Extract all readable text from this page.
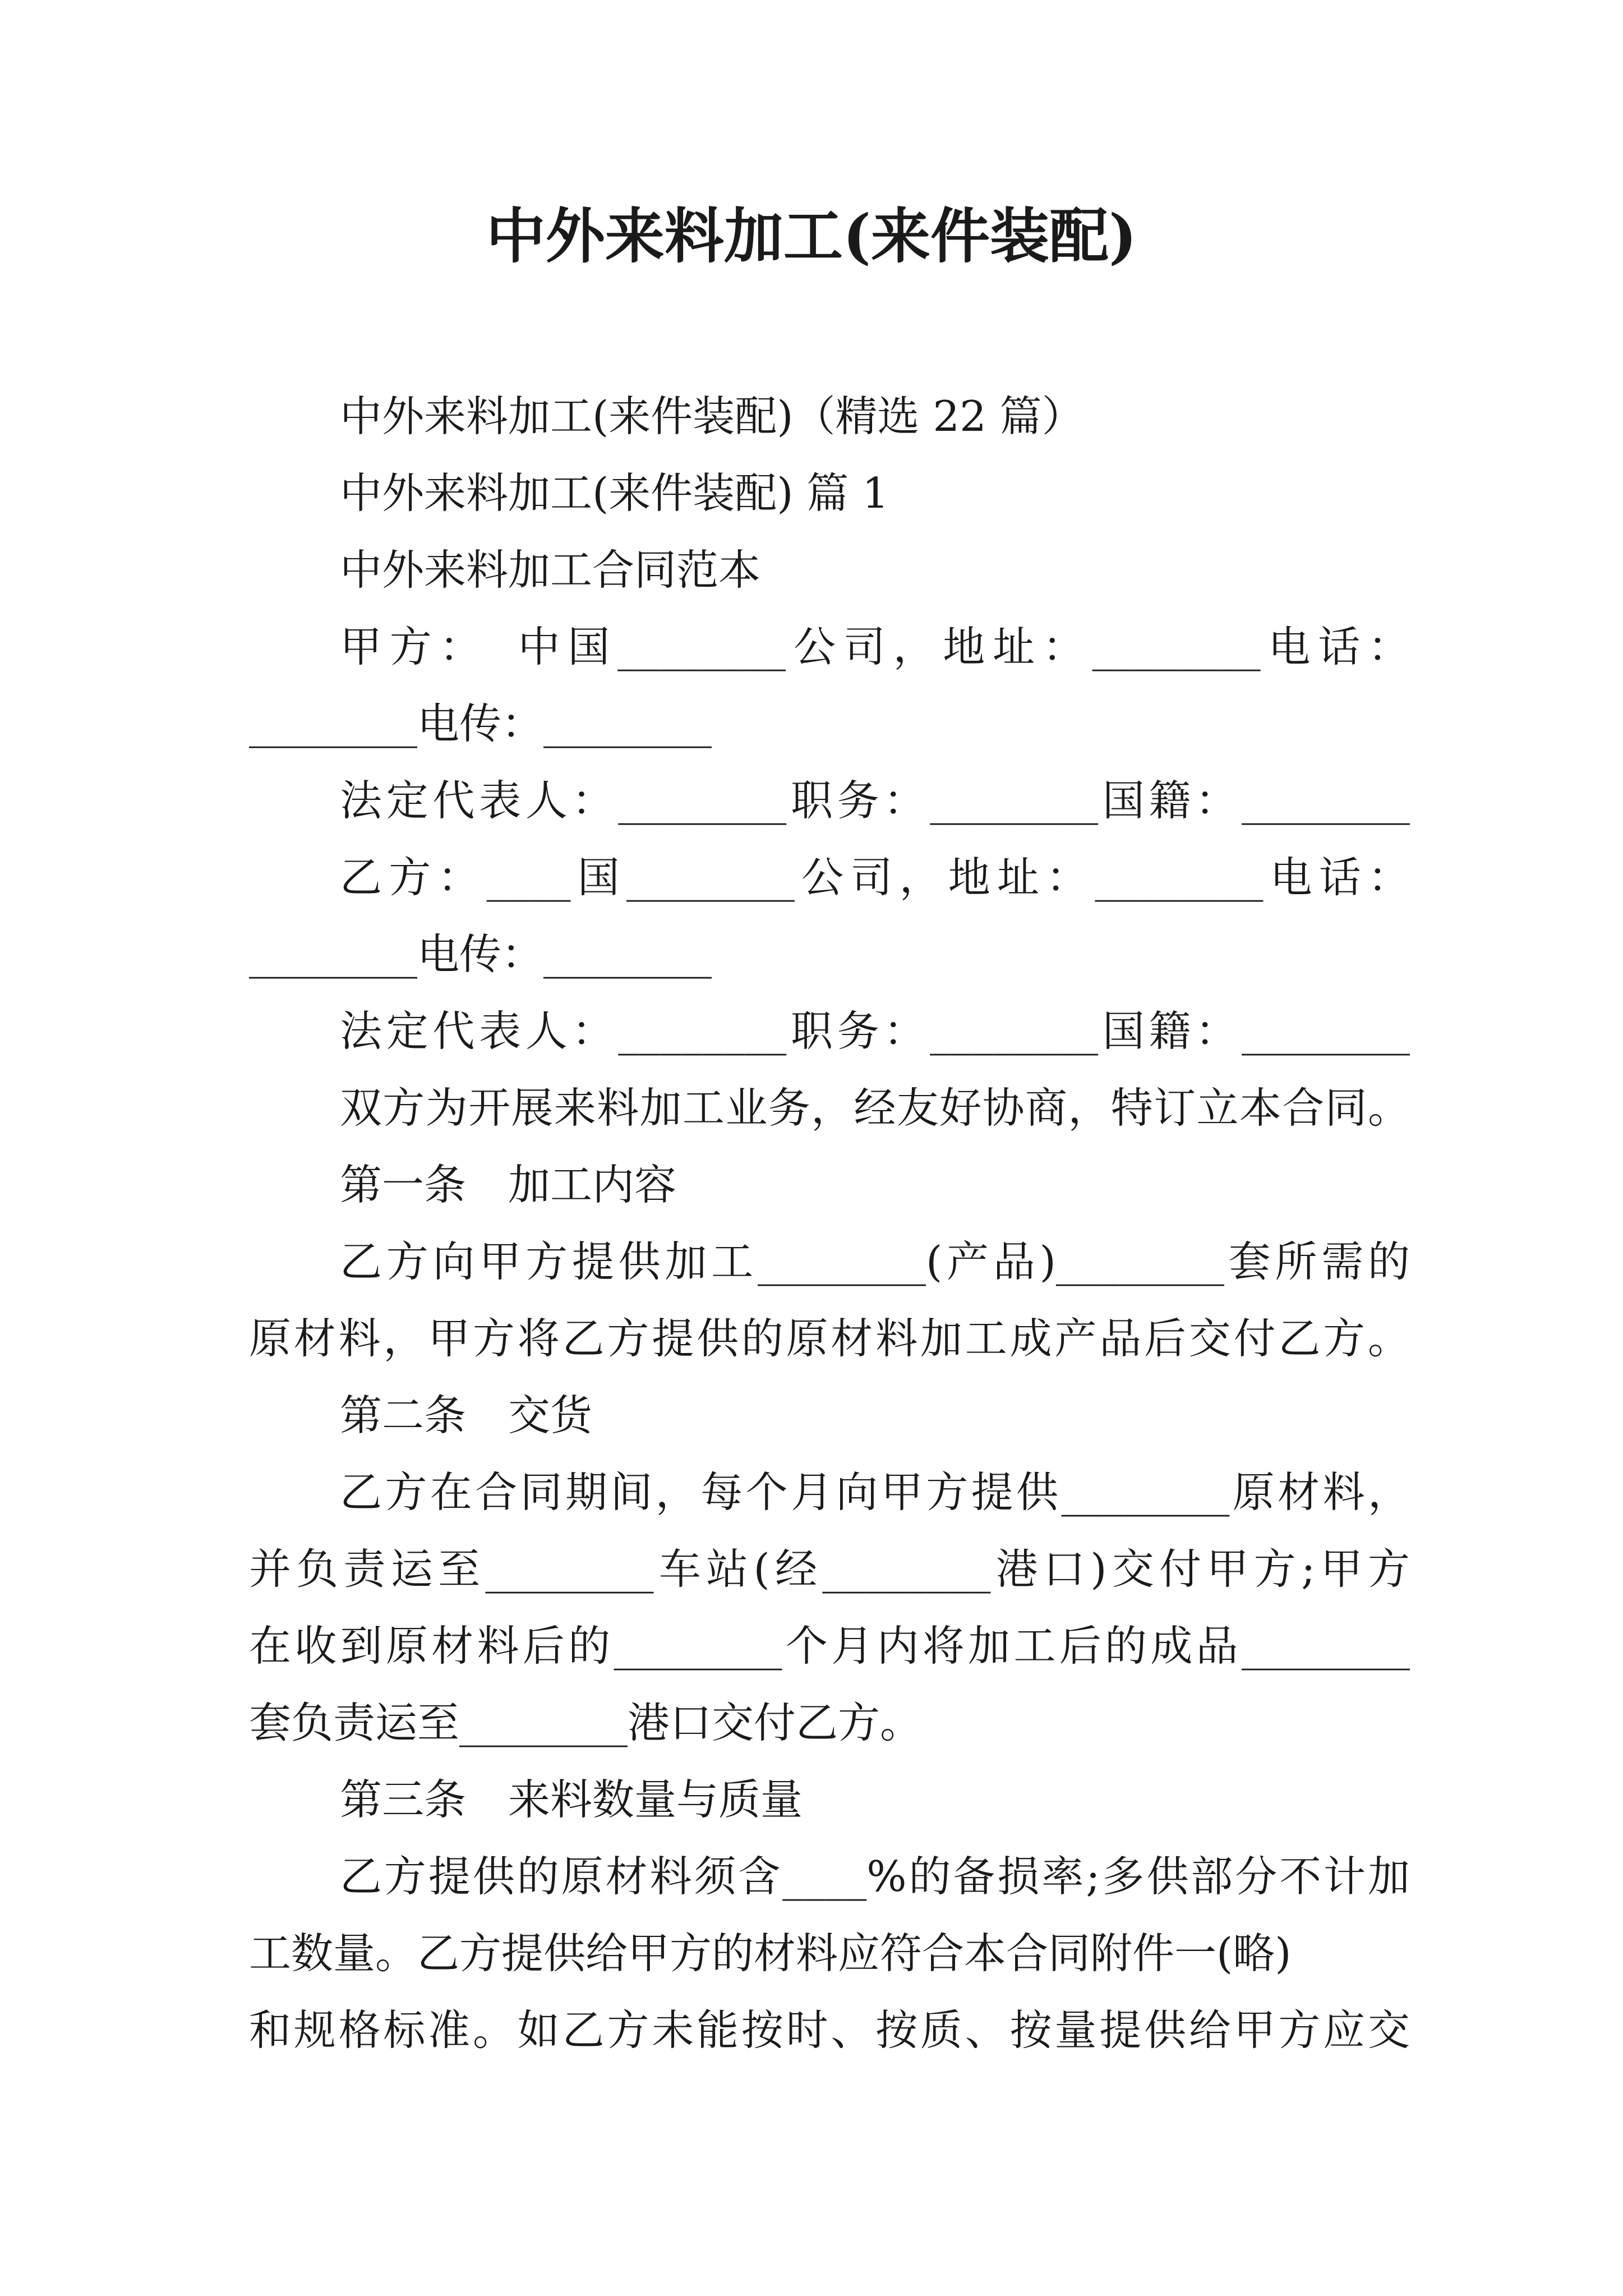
中外来料加工(来件装配)

中外来料加工(来件装配)（精选 22 篇）

中外来料加工(来件装配) 篇 1

中外来料加工合同范本

甲方：　中国________公司，地址：________电话：
________电传：________

法定代表人：________职务：________国籍：________

乙方：____国________公司，地址：________电话：
________电传：________

法定代表人：________职务：________国籍：________

双方为开展来料加工业务，经友好协商，特订立本合同。

第一条　加工内容

乙方向甲方提供加工________(产品)________套所需的
原材料，甲方将乙方提供的原材料加工成产品后交付乙方。

第二条　交货

乙方在合同期间，每个月向甲方提供________原材料，
并负责运至________车站(经________港口)交付甲方;甲方
在收到原材料后的________个月内将加工后的成品________
套负责运至________港口交付乙方。

第三条　来料数量与质量

乙方提供的原材料须含____%的备损率;多供部分不计加
工数量。乙方提供给甲方的材料应符合本合同附件一(略)
和规格标准。如乙方未能按时、按质、按量提供给甲方应交
